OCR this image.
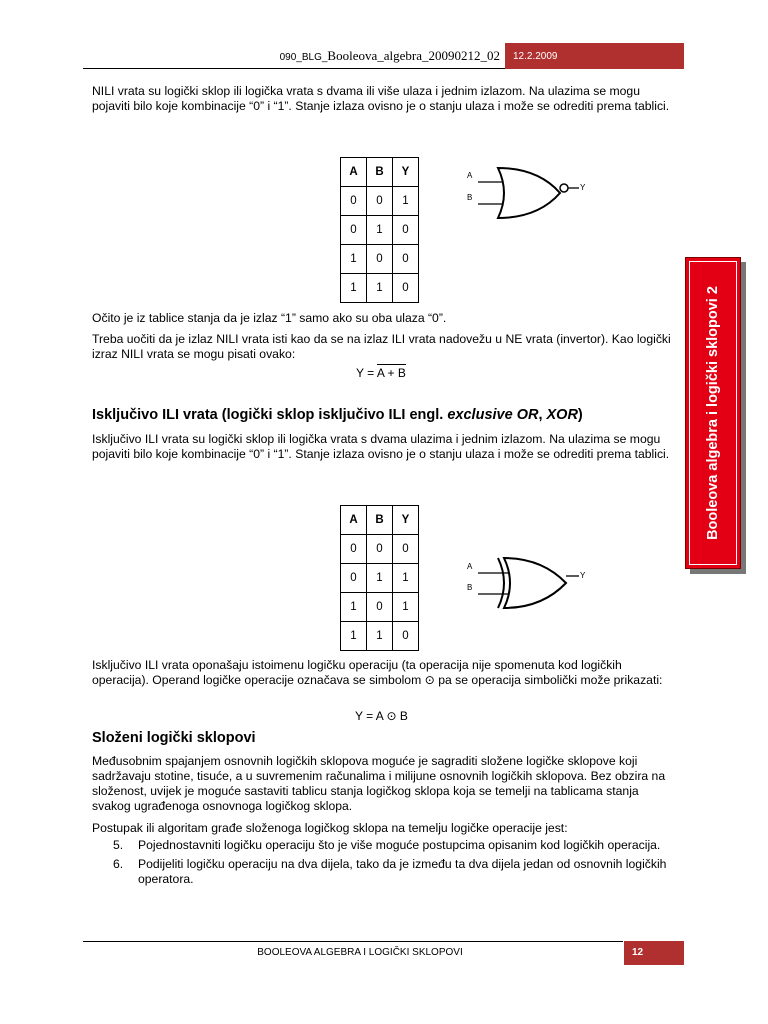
090_BLG_Booleova_algebra_20090212_02	12.2.2009

NILI vrata su logički sklop ili logička vrata s dvama ili više ulaza i jednim izlazom. Na ulazima se mogu pojaviti bilo koje kombinacije “0” i “1”. Stanje izlaza ovisno je o stanju ulaza i može se odrediti prema tablici.

A	B	Y
0	0	1
0	1	0
1	0	0
1	1	0
A
B
Y

Očito je iz tablice stanja da je izlaz “1” samo ako su oba ulaza “0”.

Treba uočiti da je izlaz NILI vrata isti kao da se na izlaz ILI vrata nadovežu u NE vrata (invertor). Kao logički izraz NILI vrata se mogu pisati ovako:

Y = A + B
Isključivo ILI vrata (logički sklop isključivo ILI engl. exclusive OR, XOR)

Isključivo ILI vrata su logički sklop ili logička vrata s dvama ulazima i jednim izlazom. Na ulazima se mogu pojaviti bilo koje kombinacije “0” i “1”. Stanje izlaza ovisno je o stanju ulaza i može se odrediti prema tablici.

A	B	Y
0	0	0
0	1	1
1	0	1
1	1	0
A
B
Y

Isključivo ILI vrata oponašaju istoimenu logičku operaciju (ta operacija nije spomenuta kod logičkih operacija). Operand logičke operacije označava se simbolom ⊙ pa se operacija simbolički može prikazati:

Y = A ⊙ B
Složeni logički sklopovi

Međusobnim spajanjem osnovnih logičkih sklopova moguće je sagraditi složene logičke sklopove koji sadržavaju stotine, tisuće, a u suvremenim računalima i milijune osnovnih logičkih sklopova. Bez obzira na složenost, uvijek je moguće sastaviti tablicu stanja logičkog sklopa koja se temelji na tablicama stanja svakog ugrađenoga osnovnoga logičkog sklopa.

Postupak ili algoritam građe složenoga logičkog sklopa na temelju logičke operacije jest:

5. Pojednostavniti logičku operaciju što je više moguće postupcima opisanim kod logičkih operacija.
6. Podijeliti logičku operaciju na dva dijela, tako da je između ta dva dijela jedan od osnovnih logičkih operatora.
Booleova algebra i logički sklopovi 2
BOOLEOVA ALGEBRA I LOGIČKI SKLOPOVI	12
